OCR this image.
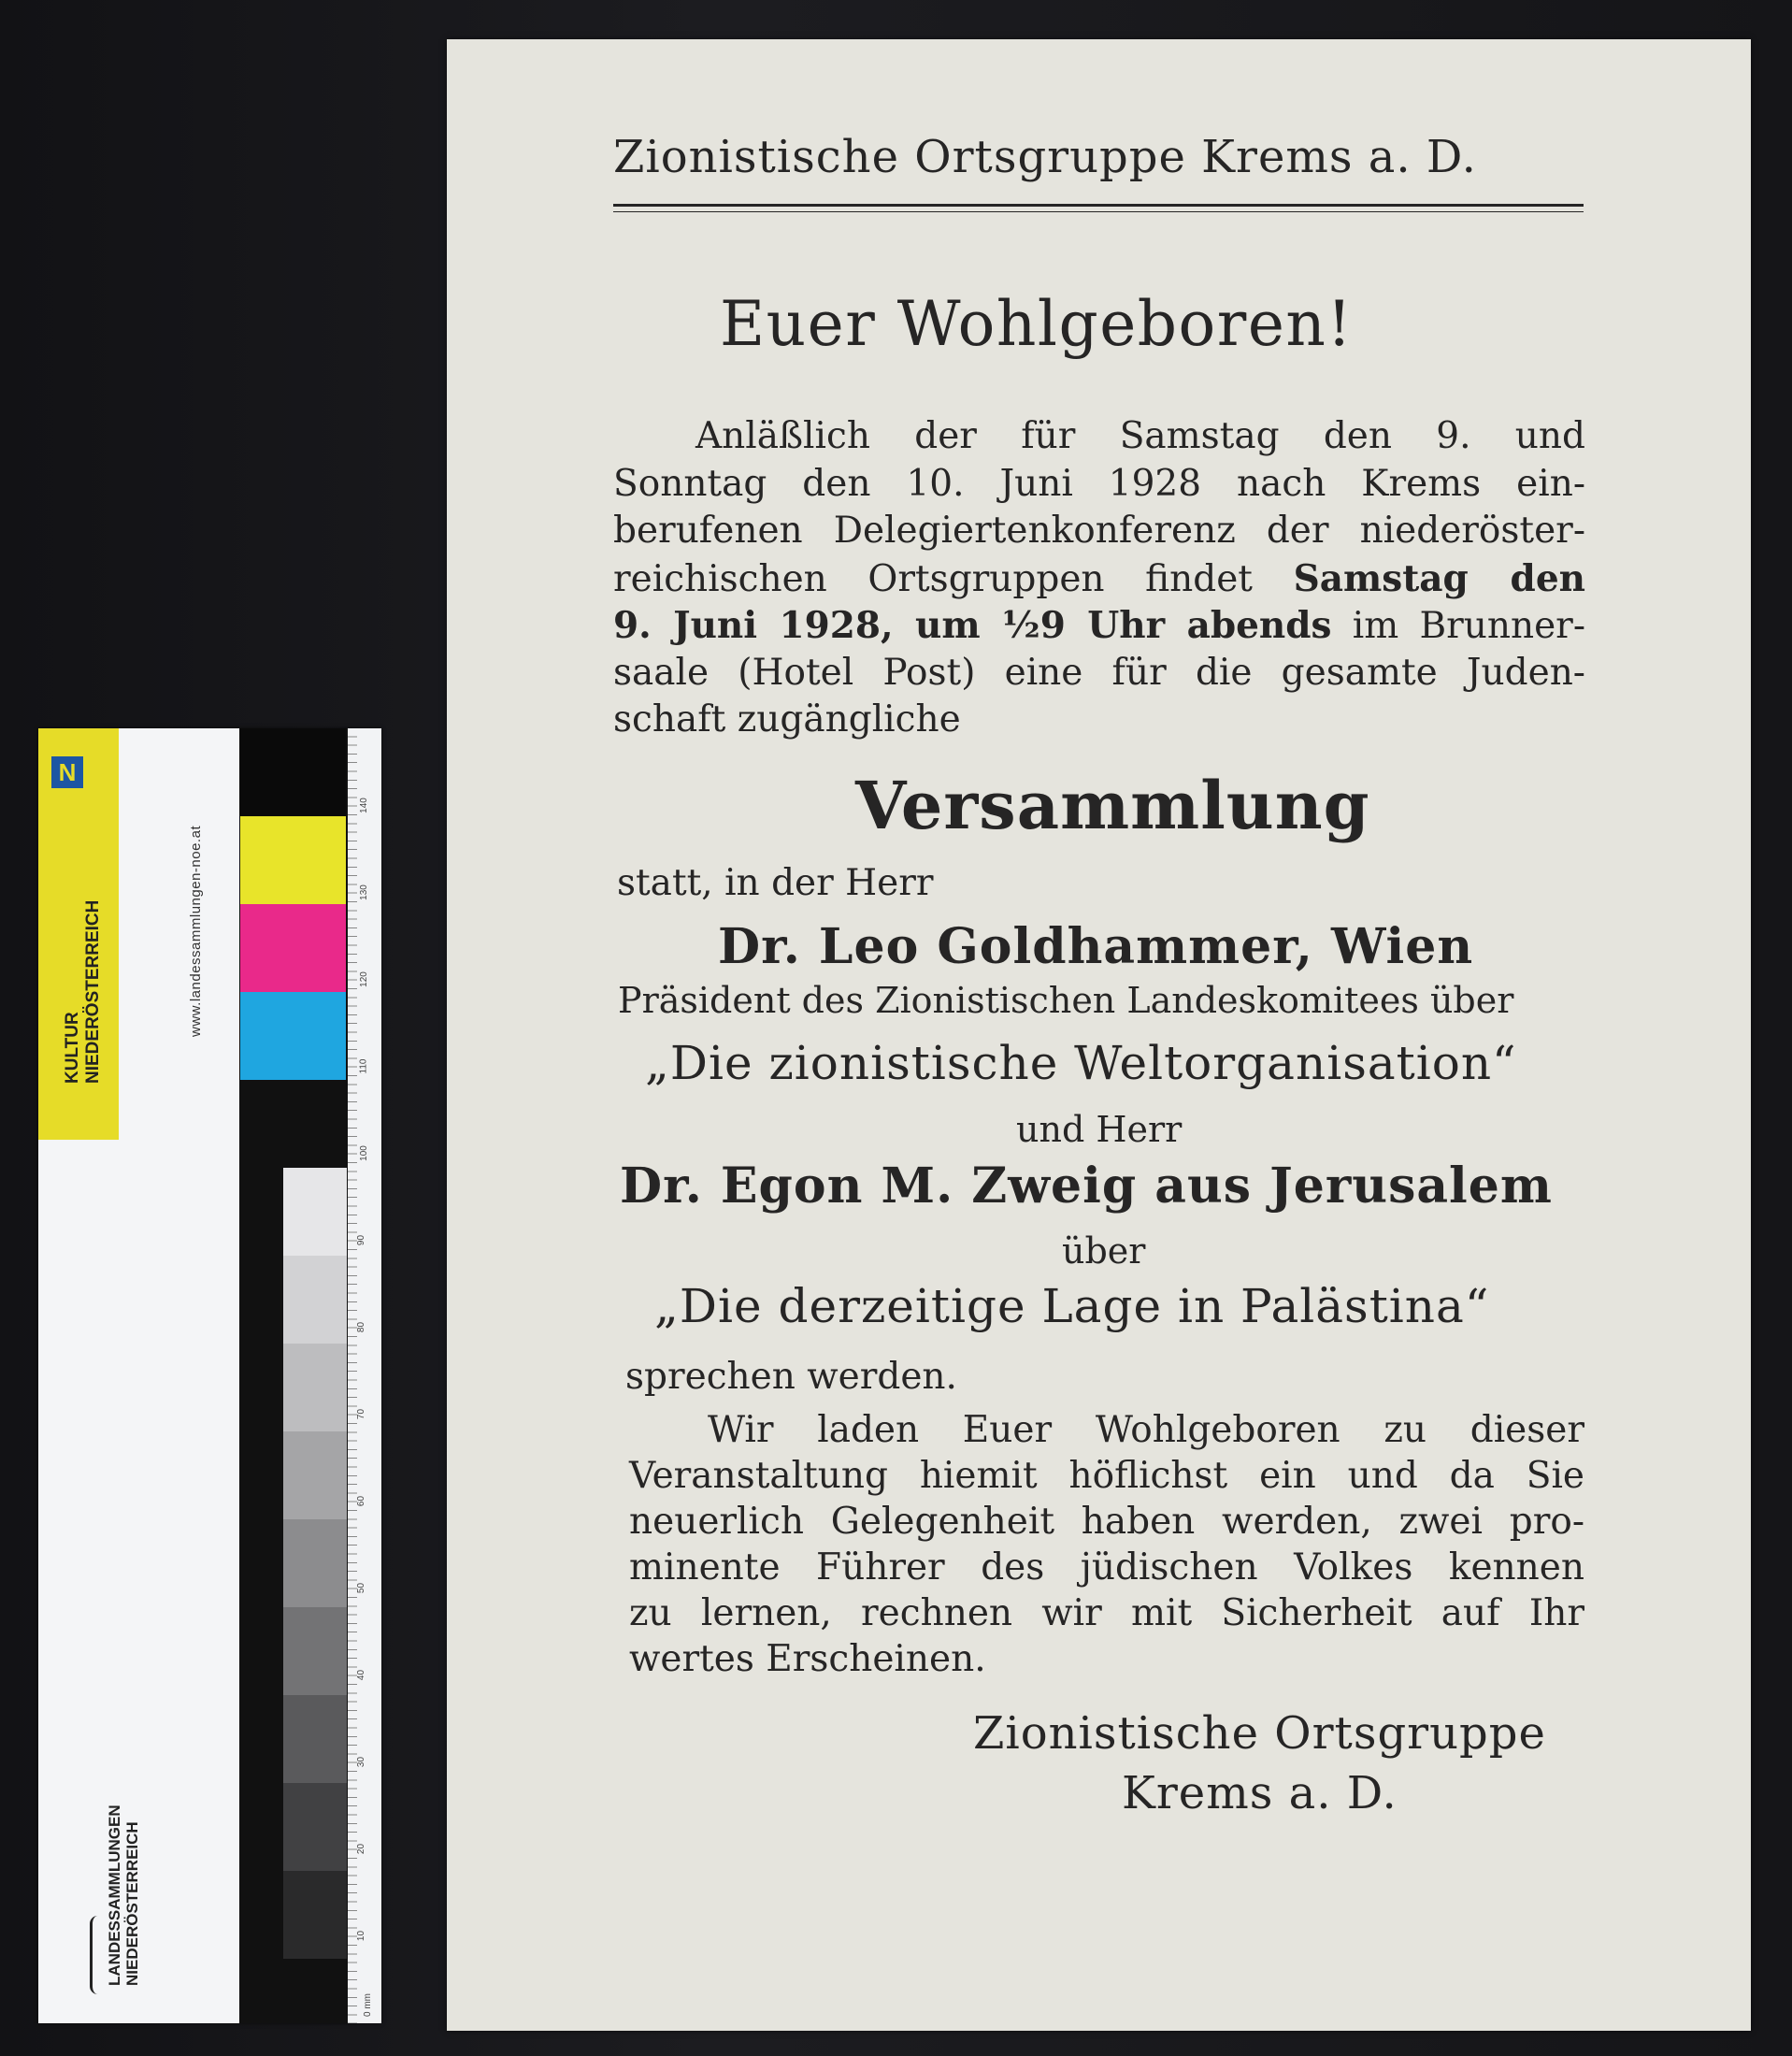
N
KULTUR NIEDERÖSTERREICH	www.landessammlungen-noe.at
LANDESSAMMLUNGEN NIEDERÖSTERREICH
140
130
120
110
100
90
80
70
60
50
40
30
20
10
0 mm
Zionistische Ortsgruppe Krems a. D.
Euer Wohlgeboren!
Anläßlich der für Samstag den 9. und
Sonntag den 10. Juni 1928 nach Krems ein-
berufenen Delegiertenkonferenz der niederöster-
reichischen Ortsgruppen findet Samstag den
9. Juni 1928, um ½9 Uhr abends im Brunner-
saale (Hotel Post) eine für die gesamte Juden-
schaft zugängliche
Versammlung
statt, in der Herr
Dr. Leo Goldhammer, Wien
Präsident des Zionistischen Landeskomitees über
„Die zionistische Weltorganisation“
und Herr
Dr. Egon M. Zweig aus Jerusalem
über
„Die derzeitige Lage in Palästina“
sprechen werden.
Wir laden Euer Wohlgeboren zu dieser
Veranstaltung hiemit höflichst ein und da Sie
neuerlich Gelegenheit haben werden, zwei pro-
minente Führer des jüdischen Volkes kennen
zu lernen, rechnen wir mit Sicherheit auf Ihr
wertes Erscheinen.
Zionistische Ortsgruppe
Krems a. D.
